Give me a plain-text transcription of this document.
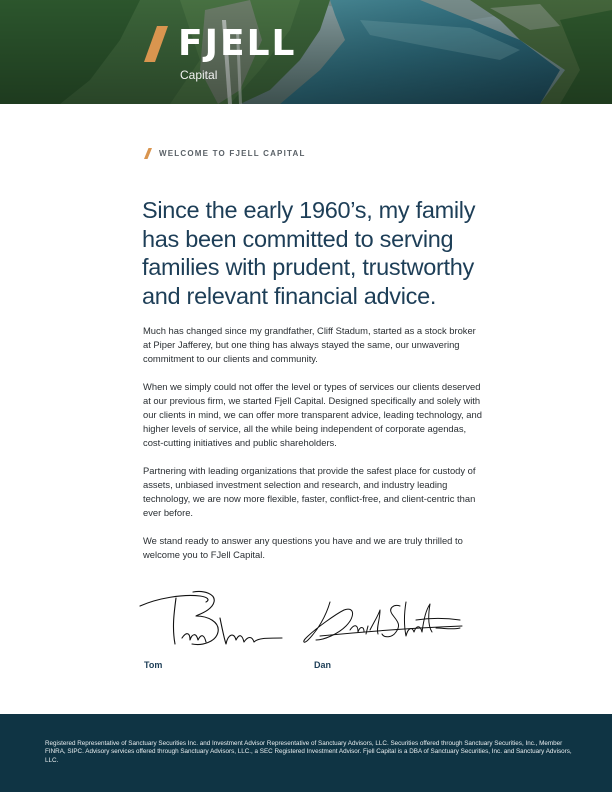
FJELL
Capital
WELCOME TO FJELL CAPITAL
Since the early 1960’s, my family has been committed to serving families with prudent, trustworthy and relevant financial advice.

Much has changed since my grandfather, Cliff Stadum, started as a stock broker at Piper Jafferey, but one thing has always stayed the same, our unwavering commitment to our clients and community.

When we simply could not offer the level or types of services our clients deserved at our previous firm, we started Fjell Capital. Designed specifically and solely with our clients in mind, we can offer more transparent advice, leading technology, and higher levels of service, all the while being independent of corporate agendas, cost-cutting initiatives and public shareholders.

Partnering with leading organizations that provide the safest place for custody of assets, unbiased investment selection and research, and industry leading technology, we are now more flexible, faster, conflict-free, and client-centric than ever before.

We stand ready to answer any questions you have and we are truly thrilled to welcome you to FJell Capital.

Tom	Dan

Registered Representative of Sanctuary Securities Inc. and Investment Advisor Representative of Sanctuary Advisors, LLC. Securities offered through Sanctuary Securities, Inc., Member FINRA, SIPC. Advisory services offered through Sanctuary Advisors, LLC., a SEC Registered Investment Advisor. Fjell Capital is a DBA of Sanctuary Securities, Inc. and Sanctuary Advisors, LLC.
